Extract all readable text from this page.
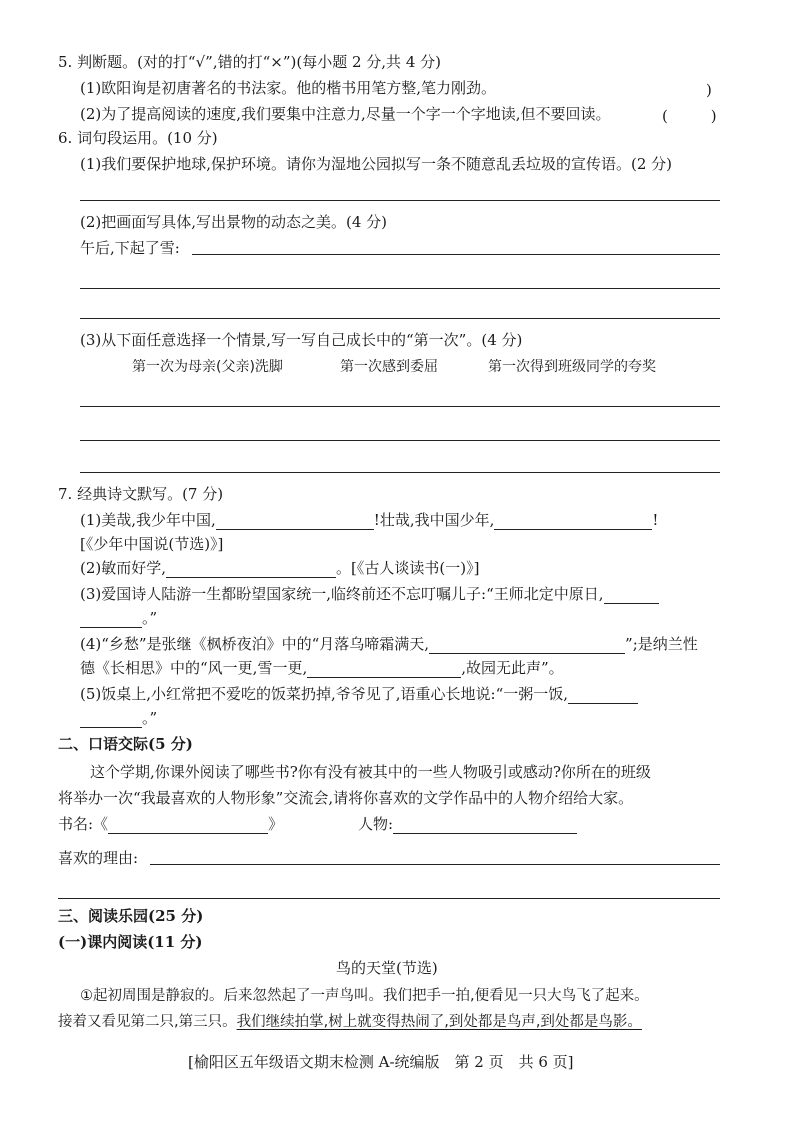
5. 判断题。(对的打“√”,错的打“×”)(每小题 2 分,共 4 分)
(1)欧阳询是初唐著名的书法家。他的楷书用笔方整,笔力刚劲。	)
(2)为了提高阅读的速度,我们要集中注意力,尽量一个字一个字地读,但不要回读。	(         )
6. 词句段运用。(10 分)
(1)我们要保护地球,保护环境。请你为湿地公园拟写一条不随意乱丢垃圾的宣传语。(2 分)
(2)把画面写具体,写出景物的动态之美。(4 分)
午后,下起了雪:
(3)从下面任意选择一个情景,写一写自己成长中的“第一次”。(4 分)
第一次为母亲(父亲)洗脚	第一次感到委屈	第一次得到班级同学的夸奖
7. 经典诗文默写。(7 分)
(1)美哉,我少年中国,	!壮哉,我中国少年,	!
[《少年中国说(节选)》]
(2)敏而好学,	。[《古人谈读书(一)》]
(3)爱国诗人陆游一生都盼望国家统一,临终前还不忘叮嘱儿子:“王师北定中原日,
。”
(4)“乡愁”是张继《枫桥夜泊》中的“月落乌啼霜满天,	”;是纳兰性
德《长相思》中的“风一更,雪一更,	,故园无此声”。
(5)饭桌上,小红常把不爱吃的饭菜扔掉,爷爷见了,语重心长地说:“一粥一饭,
。”
二、口语交际(5 分)
这个学期,你课外阅读了哪些书?你有没有被其中的一些人物吸引或感动?你所在的班级
将举办一次“我最喜欢的人物形象”交流会,请将你喜欢的文学作品中的人物介绍给大家。
书名:《	》	人物:
喜欢的理由:
三、阅读乐园(25 分)
(一)课内阅读(11 分)
鸟的天堂(节选)
①起初周围是静寂的。后来忽然起了一声鸟叫。我们把手一拍,便看见一只大鸟飞了起来。
接着又看见第二只,第三只。我们继续拍掌,树上就变得热闹了,到处都是鸟声,到处都是鸟影。
[榆阳区五年级语文期末检测 A-统编版　第 2 页　共 6 页]
